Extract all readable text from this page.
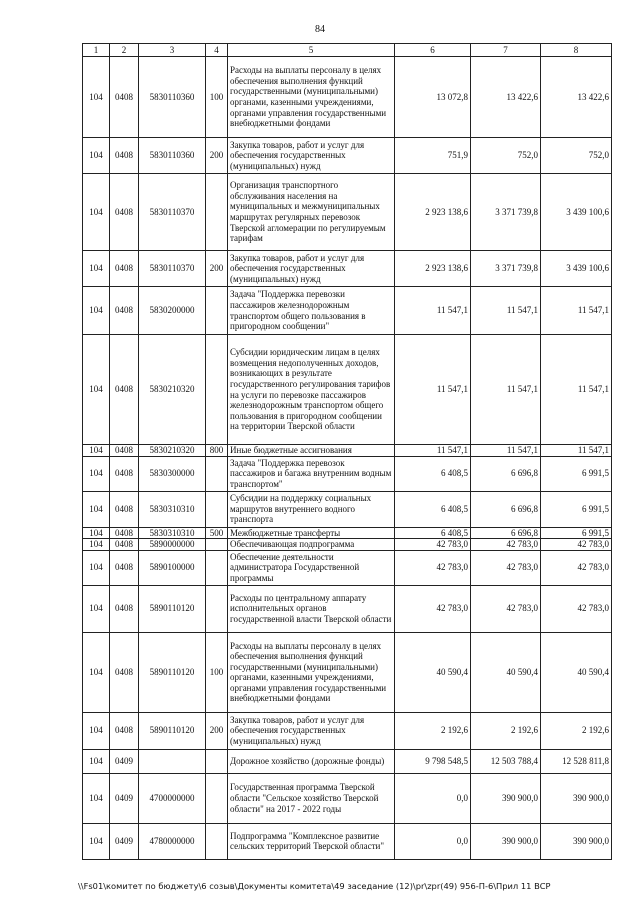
84
1	2	3	4	5	6	7	8
104	0408	5830110360	100	Расходы на выплаты персоналу в целях обеспечения выполнения функций государственными (муниципальными) органами, казенными учреждениями, органами управления государственными внебюджетными фондами	13 072,8	13 422,6	13 422,6
104	0408	5830110360	200	Закупка товаров, работ и услуг для обеспечения государственных (муниципальных) нужд	751,9	752,0	752,0
104	0408	5830110370		Организация транспортного обслуживания населения на муниципальных и межмуниципальных маршрутах регулярных перевозок Тверской агломерации по регулируемым тарифам	2 923 138,6	3 371 739,8	3 439 100,6
104	0408	5830110370	200	Закупка товаров, работ и услуг для обеспечения государственных (муниципальных) нужд	2 923 138,6	3 371 739,8	3 439 100,6
104	0408	5830200000		Задача "Поддержка перевозки пассажиров железнодорожным транспортом общего пользования в пригородном сообщении"	11 547,1	11 547,1	11 547,1
104	0408	5830210320		Субсидии юридическим лицам в целях возмещения недополученных доходов, возникающих в результате государственного регулирования тарифов на услуги по перевозке пассажиров железнодорожным транспортом общего пользования в пригородном сообщении на территории Тверской области	11 547,1	11 547,1	11 547,1
104	0408	5830210320	800	Иные бюджетные ассигнования	11 547,1	11 547,1	11 547,1
104	0408	5830300000		Задача "Поддержка перевозок пассажиров и багажа внутренним водным транспортом"	6 408,5	6 696,8	6 991,5
104	0408	5830310310		Субсидии на поддержку социальных маршрутов внутреннего водного транспорта	6 408,5	6 696,8	6 991,5
104	0408	5830310310	500	Межбюджетные трансферты	6 408,5	6 696,8	6 991,5
104	0408	5890000000		Обеспечивающая подпрограмма	42 783,0	42 783,0	42 783,0
104	0408	5890100000		Обеспечение деятельности администратора Государственной программы	42 783,0	42 783,0	42 783,0
104	0408	5890110120		Расходы по центральному аппарату исполнительных органов государственной власти Тверской области	42 783,0	42 783,0	42 783,0
104	0408	5890110120	100	Расходы на выплаты персоналу в целях обеспечения выполнения функций государственными (муниципальными) органами, казенными учреждениями, органами управления государственными внебюджетными фондами	40 590,4	40 590,4	40 590,4
104	0408	5890110120	200	Закупка товаров, работ и услуг для обеспечения государственных (муниципальных) нужд	2 192,6	2 192,6	2 192,6
104	0409			Дорожное хозяйство (дорожные фонды)	9 798 548,5	12 503 788,4	12 528 811,8
104	0409	4700000000		Государственная программа Тверской области "Сельское хозяйство Тверской области" на 2017 - 2022 годы	0,0	390 900,0	390 900,0
104	0409	4780000000		Подпрограмма "Комплексное развитие сельских территорий Тверской области"	0,0	390 900,0	390 900,0
\\Fs01\комитет по бюджету\6 созыв\Документы комитета\49 заседание (12)\pr\zpr(49) 956-П-6\Прил 11 ВСР
